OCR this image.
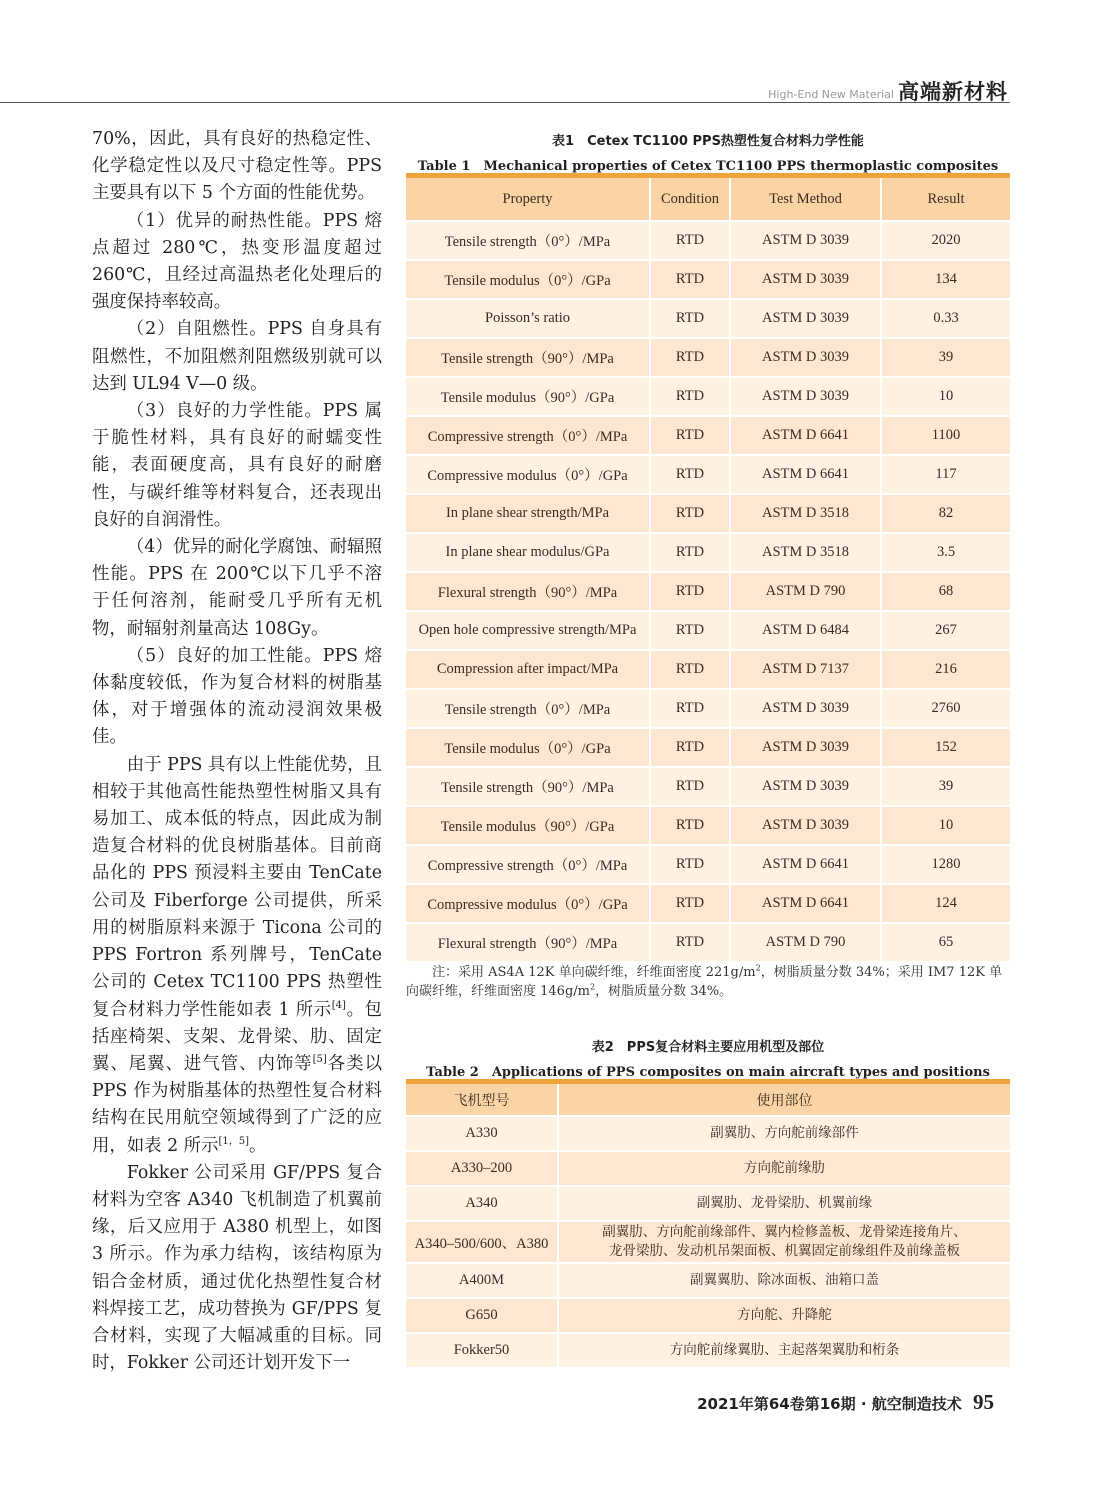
High-End New Material 高端新材料

70%，因此，具有良好的热稳定性、化学稳定性以及尺寸稳定性等。PPS主要具有以下 5 个方面的性能优势。

（1）优异的耐热性能。PPS 熔点超过 280℃，热变形温度超过 260℃，且经过高温热老化处理后的强度保持率较高。

（2）自阻燃性。PPS 自身具有阻燃性，不加阻燃剂阻燃级别就可以达到 UL94 V—0 级。

（3）良好的力学性能。PPS 属于脆性材料，具有良好的耐蠕变性能，表面硬度高，具有良好的耐磨性，与碳纤维等材料复合，还表现出良好的自润滑性。

（4）优异的耐化学腐蚀、耐辐照性能。PPS 在 200℃以下几乎不溶于任何溶剂，能耐受几乎所有无机物，耐辐射剂量高达 108Gy。

（5）良好的加工性能。PPS 熔体黏度较低，作为复合材料的树脂基体，对于增强体的流动浸润效果极佳。

由于 PPS 具有以上性能优势，且相较于其他高性能热塑性树脂又具有易加工、成本低的特点，因此成为制造复合材料的优良树脂基体。目前商品化的 PPS 预浸料主要由 TenCate 公司及 Fiberforge 公司提供，所采用的树脂原料来源于 Ticona 公司的 PPS Fortron 系列牌号，TenCate 公司的 Cetex TC1100 PPS 热塑性复合材料力学性能如表 1 所示[4]。包括座椅架、支架、龙骨梁、肋、固定翼、尾翼、进气管、内饰等[5]各类以 PPS 作为树脂基体的热塑性复合材料结构在民用航空领域得到了广泛的应用，如表 2 所示[1，5]。

Fokker 公司采用 GF/PPS 复合材料为空客 A340 飞机制造了机翼前缘，后又应用于 A380 机型上，如图 3 所示。作为承力结构，该结构原为铝合金材质，通过优化热塑性复合材料焊接工艺，成功替换为 GF/PPS 复合材料，实现了大幅减重的目标。同时，Fokker 公司还计划开发下一

表1　Cetex TC1100 PPS热塑性复合材料力学性能
Table 1　Mechanical properties of Cetex TC1100 PPS thermoplastic composites
Property	Condition	Test Method	Result
Tensile strength（0°）/MPa	RTD	ASTM D 3039	2020
Tensile modulus（0°）/GPa	RTD	ASTM D 3039	134
Poisson’s ratio	RTD	ASTM D 3039	0.33
Tensile strength（90°）/MPa	RTD	ASTM D 3039	39
Tensile modulus（90°）/GPa	RTD	ASTM D 3039	10
Compressive strength（0°）/MPa	RTD	ASTM D 6641	1100
Compressive modulus（0°）/GPa	RTD	ASTM D 6641	117
In plane shear strength/MPa	RTD	ASTM D 3518	82
In plane shear modulus/GPa	RTD	ASTM D 3518	3.5
Flexural strength（90°）/MPa	RTD	ASTM D 790	68
Open hole compressive strength/MPa	RTD	ASTM D 6484	267
Compression after impact/MPa	RTD	ASTM D 7137	216
Tensile strength（0°）/MPa	RTD	ASTM D 3039	2760
Tensile modulus（0°）/GPa	RTD	ASTM D 3039	152
Tensile strength（90°）/MPa	RTD	ASTM D 3039	39
Tensile modulus（90°）/GPa	RTD	ASTM D 3039	10
Compressive strength（0°）/MPa	RTD	ASTM D 6641	1280
Compressive modulus（0°）/GPa	RTD	ASTM D 6641	124
Flexural strength（90°）/MPa	RTD	ASTM D 790	65
注：采用 AS4A 12K 单向碳纤维，纤维面密度 $221g/m^2$，树脂质量分数 34%；采用 IM7 12K 单向碳纤维，纤维面密度 $146g/m^2$，树脂质量分数 34%。
表2　PPS复合材料主要应用机型及部位
Table 2　Applications of PPS composites on main aircraft types and positions
飞机型号	使用部位
A330	副翼肋、方向舵前缘部件

A330–200	方向舵前缘肋

A340	副翼肋、龙骨梁肋、机翼前缘

A340–500/600、A380	副翼肋、方向舵前缘部件、翼内检修盖板、龙骨梁连接角片、
龙骨梁肋、发动机吊架面板、机翼固定前缘组件及前缘盖板

A400M	副翼翼肋、除冰面板、油箱口盖

G650	方向舵、升降舵

Fokker50	方向舵前缘翼肋、主起落架翼肋和桁条
2021年第64卷第16期 · 航空制造技术 95
